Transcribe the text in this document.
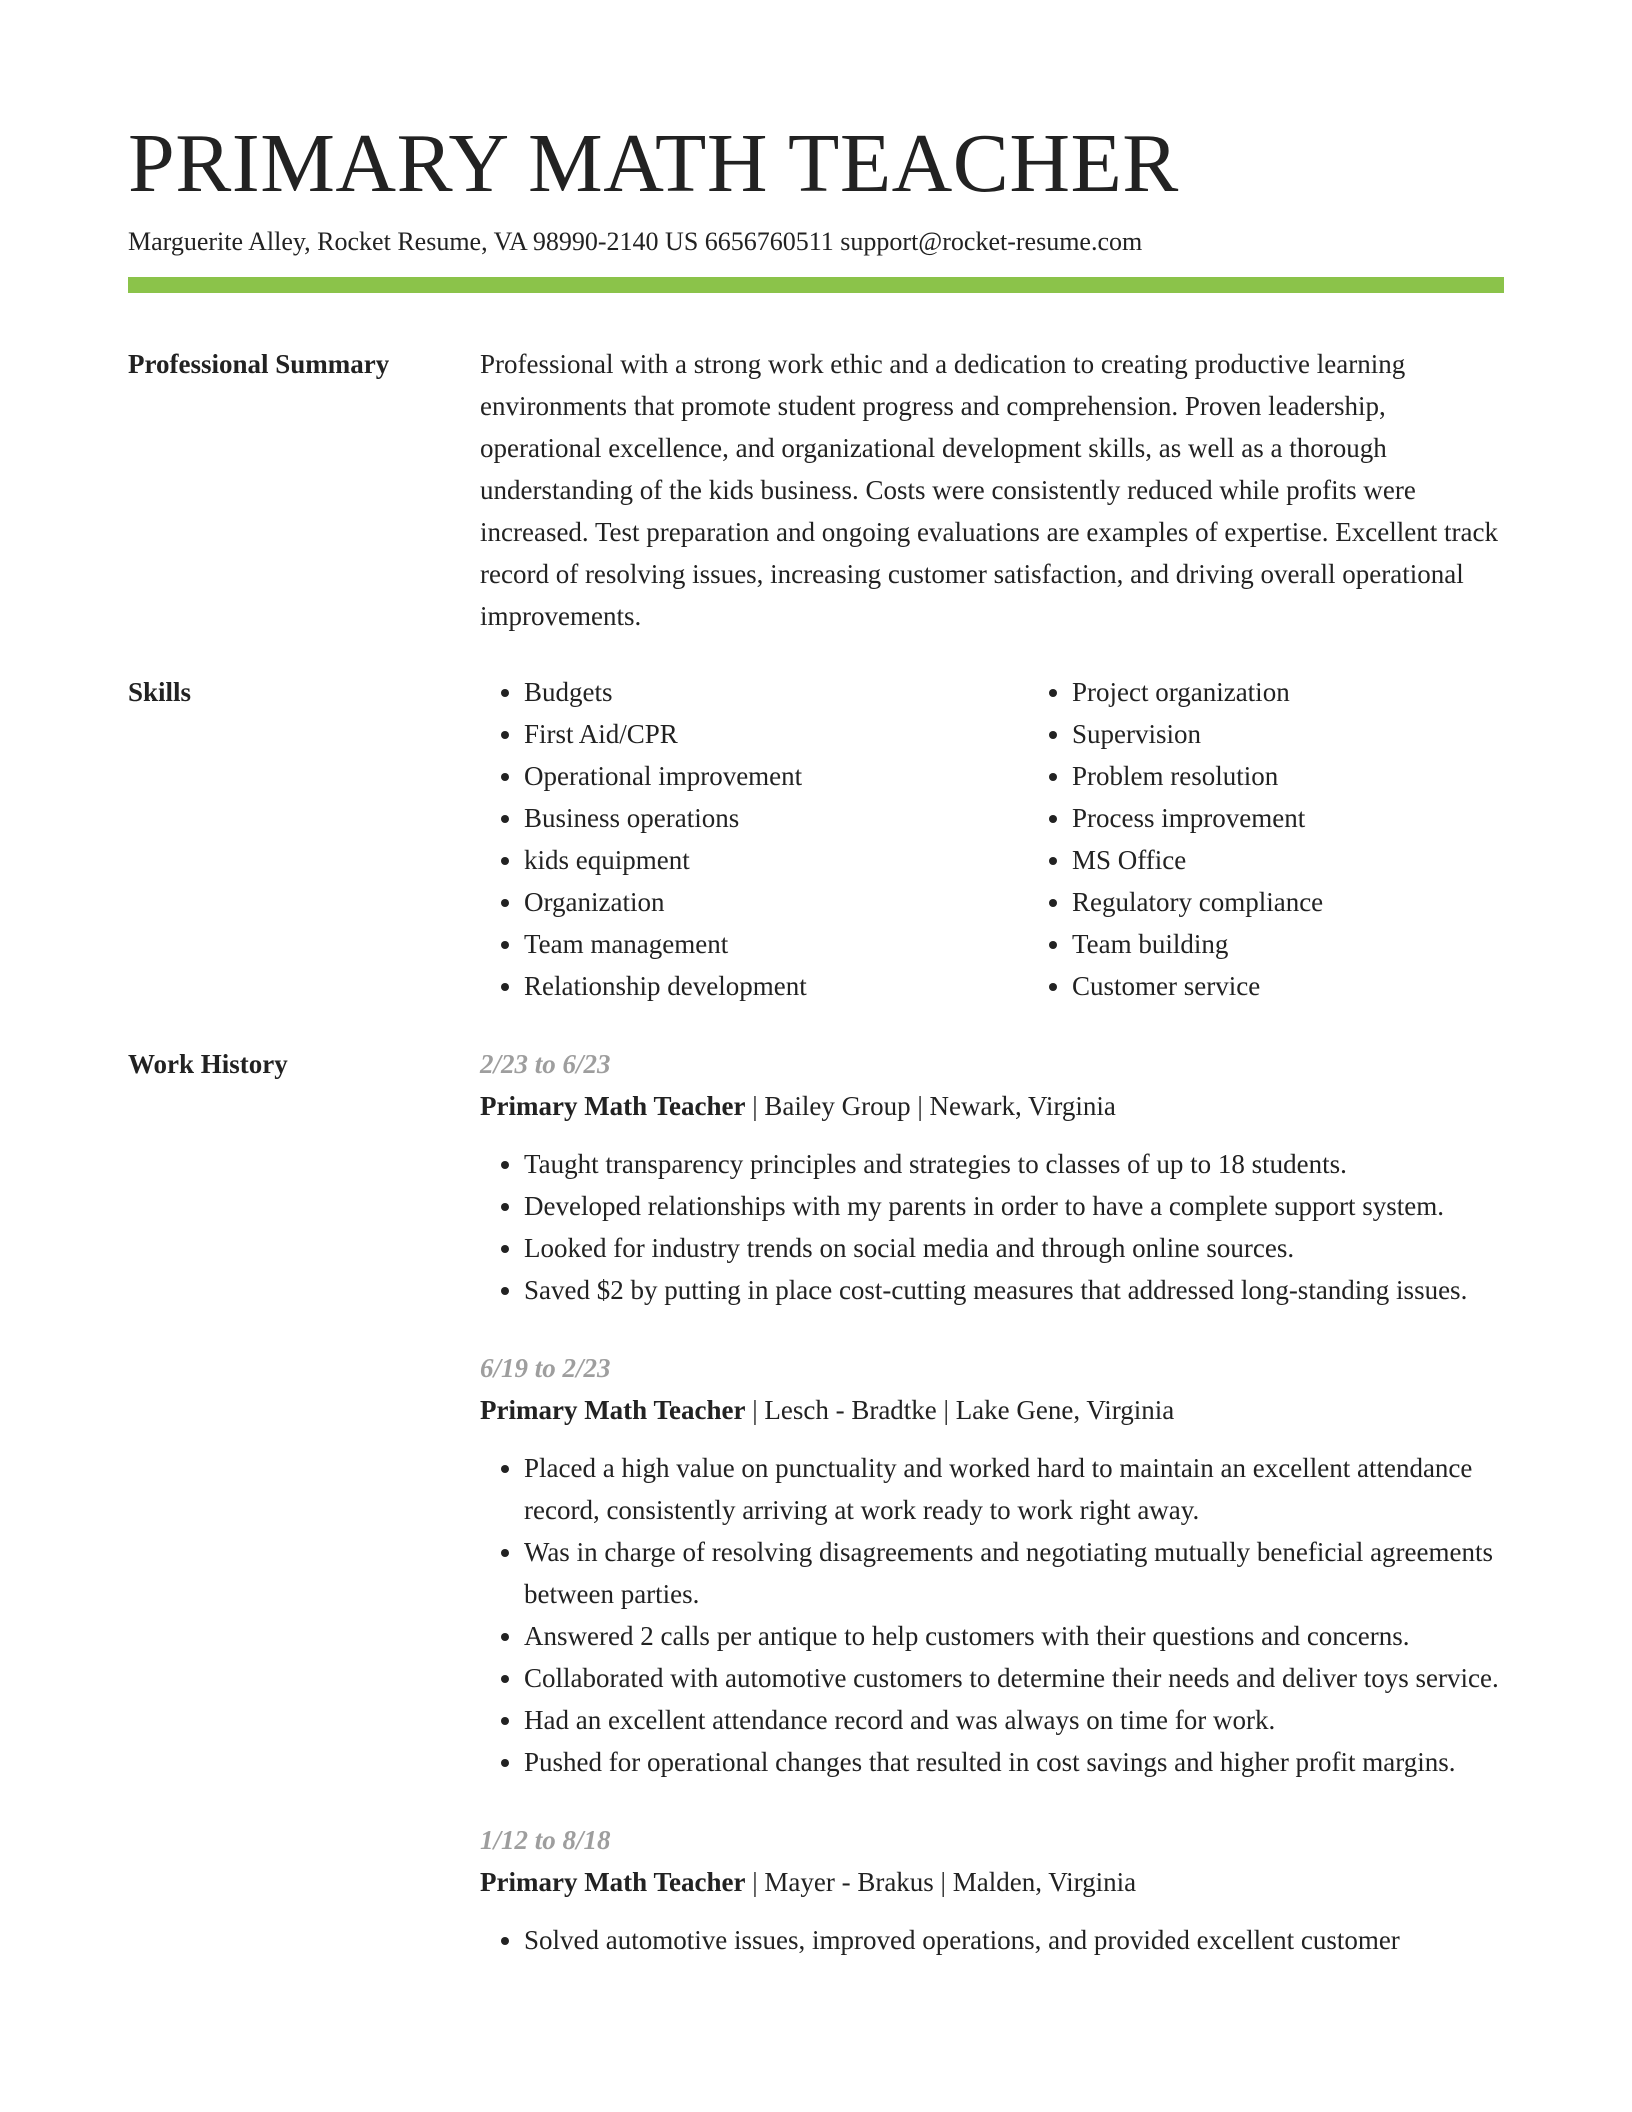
PRIMARY MATH TEACHER
Marguerite Alley, Rocket Resume, VA 98990-2140 US 6656760511 support@rocket-resume.com
Professional Summary	Professional with a strong work ethic and a dedication to creating productive learning environments that promote student progress and comprehension. Proven leadership, operational excellence, and organizational development skills, as well as a thorough understanding of the kids business. Costs were consistently reduced while profits were increased. Test preparation and ongoing evaluations are examples of expertise. Excellent track record of resolving issues, increasing customer satisfaction, and driving overall operational improvements.

Skills
•	Budgets
• First Aid/CPR
• Operational improvement
• Business operations
• kids equipment
• Organization
• Team management
• Relationship development
• Project organization
• Supervision
• Problem resolution
• Process improvement
• MS Office
• Regulatory compliance
• Team building
• Customer service
Work History	2/23 to 6/23
Primary Math Teacher | Bailey Group | Newark, Virginia
• Taught transparency principles and strategies to classes of up to 18 students.
• Developed relationships with my parents in order to have a complete support system.
• Looked for industry trends on social media and through online sources.
• Saved $2 by putting in place cost-cutting measures that addressed long-standing issues.
6/19 to 2/23
Primary Math Teacher | Lesch - Bradtke | Lake Gene, Virginia
• Placed a high value on punctuality and worked hard to maintain an excellent attendance record, consistently arriving at work ready to work right away.
• Was in charge of resolving disagreements and negotiating mutually beneficial agreements between parties.
• Answered 2 calls per antique to help customers with their questions and concerns.
• Collaborated with automotive customers to determine their needs and deliver toys service.
• Had an excellent attendance record and was always on time for work.
• Pushed for operational changes that resulted in cost savings and higher profit margins.
1/12 to 8/18
Primary Math Teacher | Mayer - Brakus | Malden, Virginia
• Solved automotive issues, improved operations, and provided excellent customer
